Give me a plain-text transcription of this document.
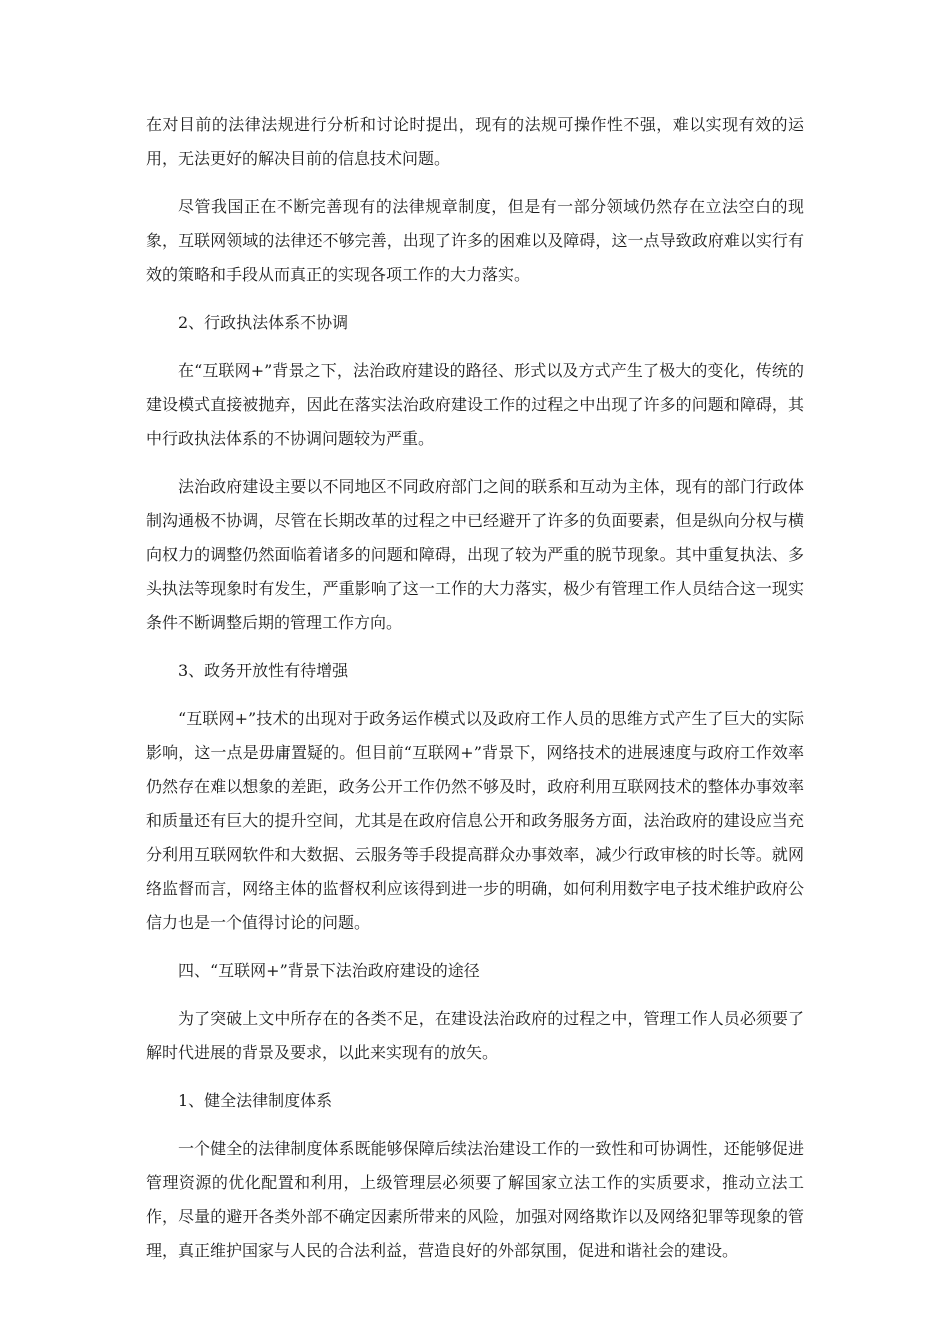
在对目前的法律法规进行分析和讨论时提出，现有的法规可操作性不强，难以实现有效的运用，无法更好的解决目前的信息技术问题。

尽管我国正在不断完善现有的法律规章制度，但是有一部分领域仍然存在立法空白的现象，互联网领域的法律还不够完善，出现了许多的困难以及障碍，这一点导致政府难以实行有效的策略和手段从而真正的实现各项工作的大力落实。

2、行政执法体系不协调

在“互联网+”背景之下，法治政府建设的路径、形式以及方式产生了极大的变化，传统的建设模式直接被抛弃，因此在落实法治政府建设工作的过程之中出现了许多的问题和障碍，其中行政执法体系的不协调问题较为严重。

法治政府建设主要以不同地区不同政府部门之间的联系和互动为主体，现有的部门行政体制沟通极不协调，尽管在长期改革的过程之中已经避开了许多的负面要素，但是纵向分权与横向权力的调整仍然面临着诸多的问题和障碍，出现了较为严重的脱节现象。其中重复执法、多头执法等现象时有发生，严重影响了这一工作的大力落实，极少有管理工作人员结合这一现实条件不断调整后期的管理工作方向。

3、政务开放性有待增强

“互联网+”技术的出现对于政务运作模式以及政府工作人员的思维方式产生了巨大的实际影响，这一点是毋庸置疑的。但目前“互联网+”背景下，网络技术的进展速度与政府工作效率仍然存在难以想象的差距，政务公开工作仍然不够及时，政府利用互联网技术的整体办事效率和质量还有巨大的提升空间，尤其是在政府信息公开和政务服务方面，法治政府的建设应当充分利用互联网软件和大数据、云服务等手段提高群众办事效率，减少行政审核的时长等。就网络监督而言，网络主体的监督权利应该得到进一步的明确，如何利用数字电子技术维护政府公信力也是一个值得讨论的问题。

四、“互联网+”背景下法治政府建设的途径

为了突破上文中所存在的各类不足，在建设法治政府的过程之中，管理工作人员必须要了解时代进展的背景及要求，以此来实现有的放矢。

1、健全法律制度体系

一个健全的法律制度体系既能够保障后续法治建设工作的一致性和可协调性，还能够促进管理资源的优化配置和利用，上级管理层必须要了解国家立法工作的实质要求，推动立法工作，尽量的避开各类外部不确定因素所带来的风险，加强对网络欺诈以及网络犯罪等现象的管理，真正维护国家与人民的合法利益，营造良好的外部氛围，促进和谐社会的建设。
